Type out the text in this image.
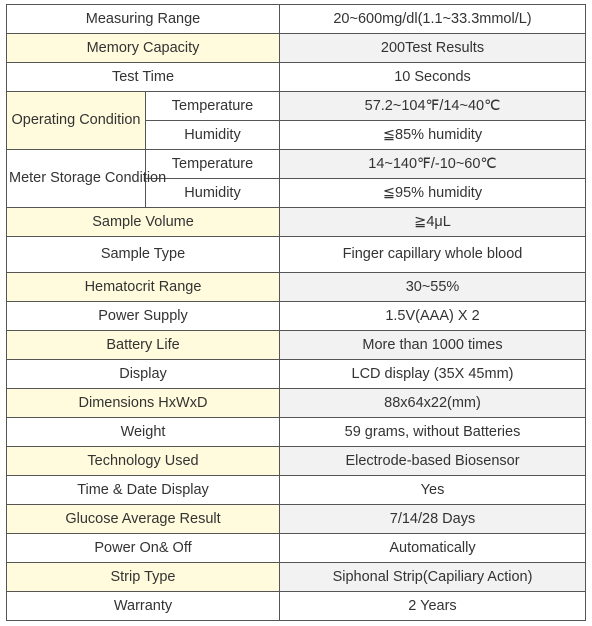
Measuring Range		20~600mg/dl(1.1~33.3mmol/L)
Memory Capacity		200Test Results
Test Time		10 Seconds
Operating Condition	Temperature	57.2~104℉/14~40℃
	Humidity	≦85% humidity
Meter Storage Condition	Temperature	14~140℉/-10~60℃
	Humidity	≦95% humidity
Sample Volume		≧4μL
Sample Type		Finger capillary whole blood
Hematocrit Range		30~55%
Power Supply		1.5V(AAA) X 2
Battery Life		More than 1000 times
Display		LCD display (35X 45mm)
Dimensions HxWxD		88x64x22(mm)
Weight		59 grams, without Batteries
Technology Used		Electrode-based Biosensor
Time & Date Display		Yes
Glucose Average Result		7/14/28 Days
Power On& Off		Automatically
Strip Type		Siphonal Strip(Capiliary Action)
Warranty		2 Years
